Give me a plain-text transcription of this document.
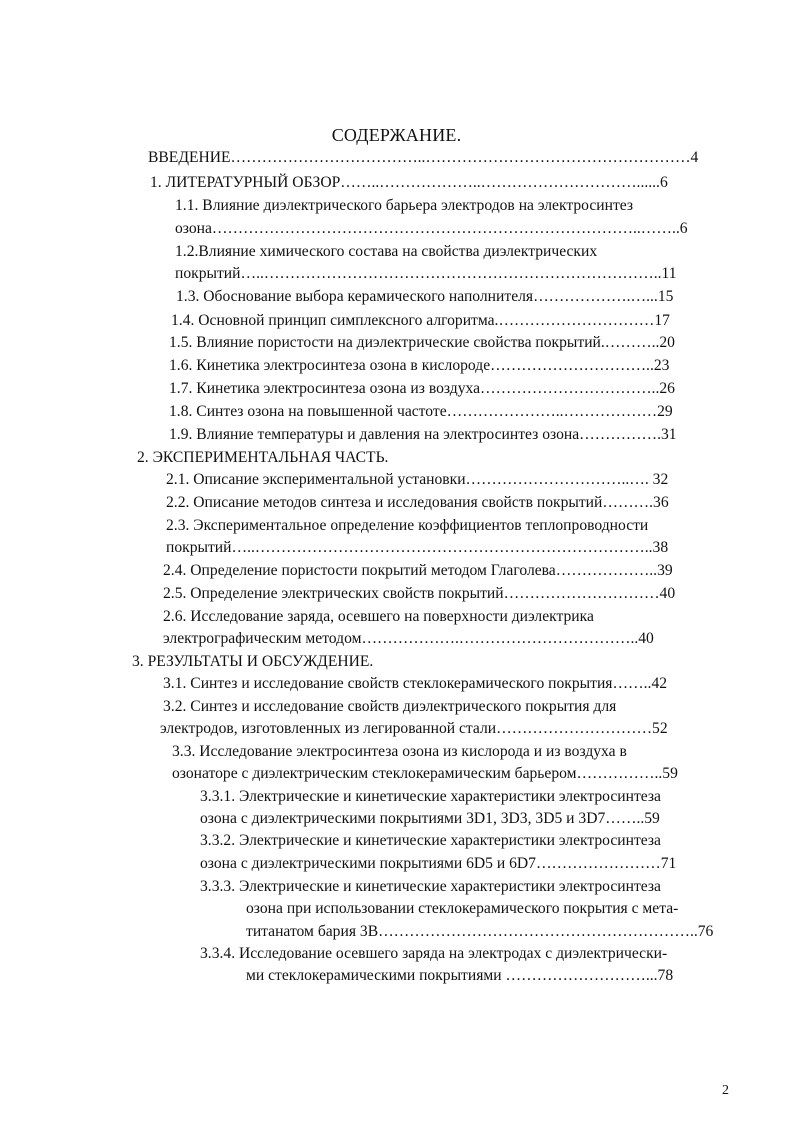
СОДЕРЖАНИЕ.
ВВЕДЕНИЕ………………………………..……………………………………………4
1. ЛИТЕРАТУРНЫЙ ОБЗОР……..………………..…………………………......6
1.1. Влияние диэлектрического барьера электродов на электросинтез
озона………………………………………………………………………..……..6
1.2.Влияние химического состава на свойства диэлектрических
покрытий…..…………………………………………………………………..11
1.3. Обоснование выбора керамического наполнителя……………….…...15
1.4. Основной принцип симплексного алгоритма.…………………………17
1.5. Влияние пористости на диэлектрические свойства покрытий.………..20
1.6. Кинетика электросинтеза озона в кислороде…………………………..23
1.7. Кинетика электросинтеза озона из воздуха……………………………..26
1.8. Синтез озона на повышенной частоте…………………..………………29
1.9. Влияние температуры и давления на электросинтез озона…………….31
2. ЭКСПЕРИМЕНТАЛЬНАЯ ЧАСТЬ.
2.1. Описание экспериментальной установки…………………………..…. 32
2.2. Описание методов синтеза и исследования свойств покрытий……….36
2.3. Экспериментальное определение коэффициентов теплопроводности
покрытий…..…………………………………………………………………..38
2.4. Определение пористости покрытий методом Глаголева………………..39
2.5. Определение электрических свойств покрытий…………………………40
2.6. Исследование заряда, осевшего на поверхности диэлектрика
электрографическим методом……………….……………………………..40
3. РЕЗУЛЬТАТЫ И ОБСУЖДЕНИЕ.
3.1. Синтез и исследование свойств стеклокерамического покрытия……..42
3.2. Синтез и исследование свойств диэлектрического покрытия для
электродов, изготовленных из легированной стали…………………………52
3.3. Исследование электросинтеза озона из кислорода и из воздуха в
озонаторе с диэлектрическим стеклокерамическим барьером……………..59
3.3.1. Электрические и кинетические характеристики электросинтеза
озона с диэлектрическими покрытиями 3D1, 3D3, 3D5 и 3D7……..59
3.3.2. Электрические и кинетические характеристики электросинтеза
озона с диэлектрическими покрытиями 6D5 и 6D7……………………71
3.3.3. Электрические и кинетические характеристики электросинтеза
озона при использовании стеклокерамического покрытия с мета-
титанатом бария 3В……………………………………………………..76
3.3.4. Исследование осевшего заряда на электродах с диэлектрически-
ми стеклокерамическими покрытиями ………………………...78
2
